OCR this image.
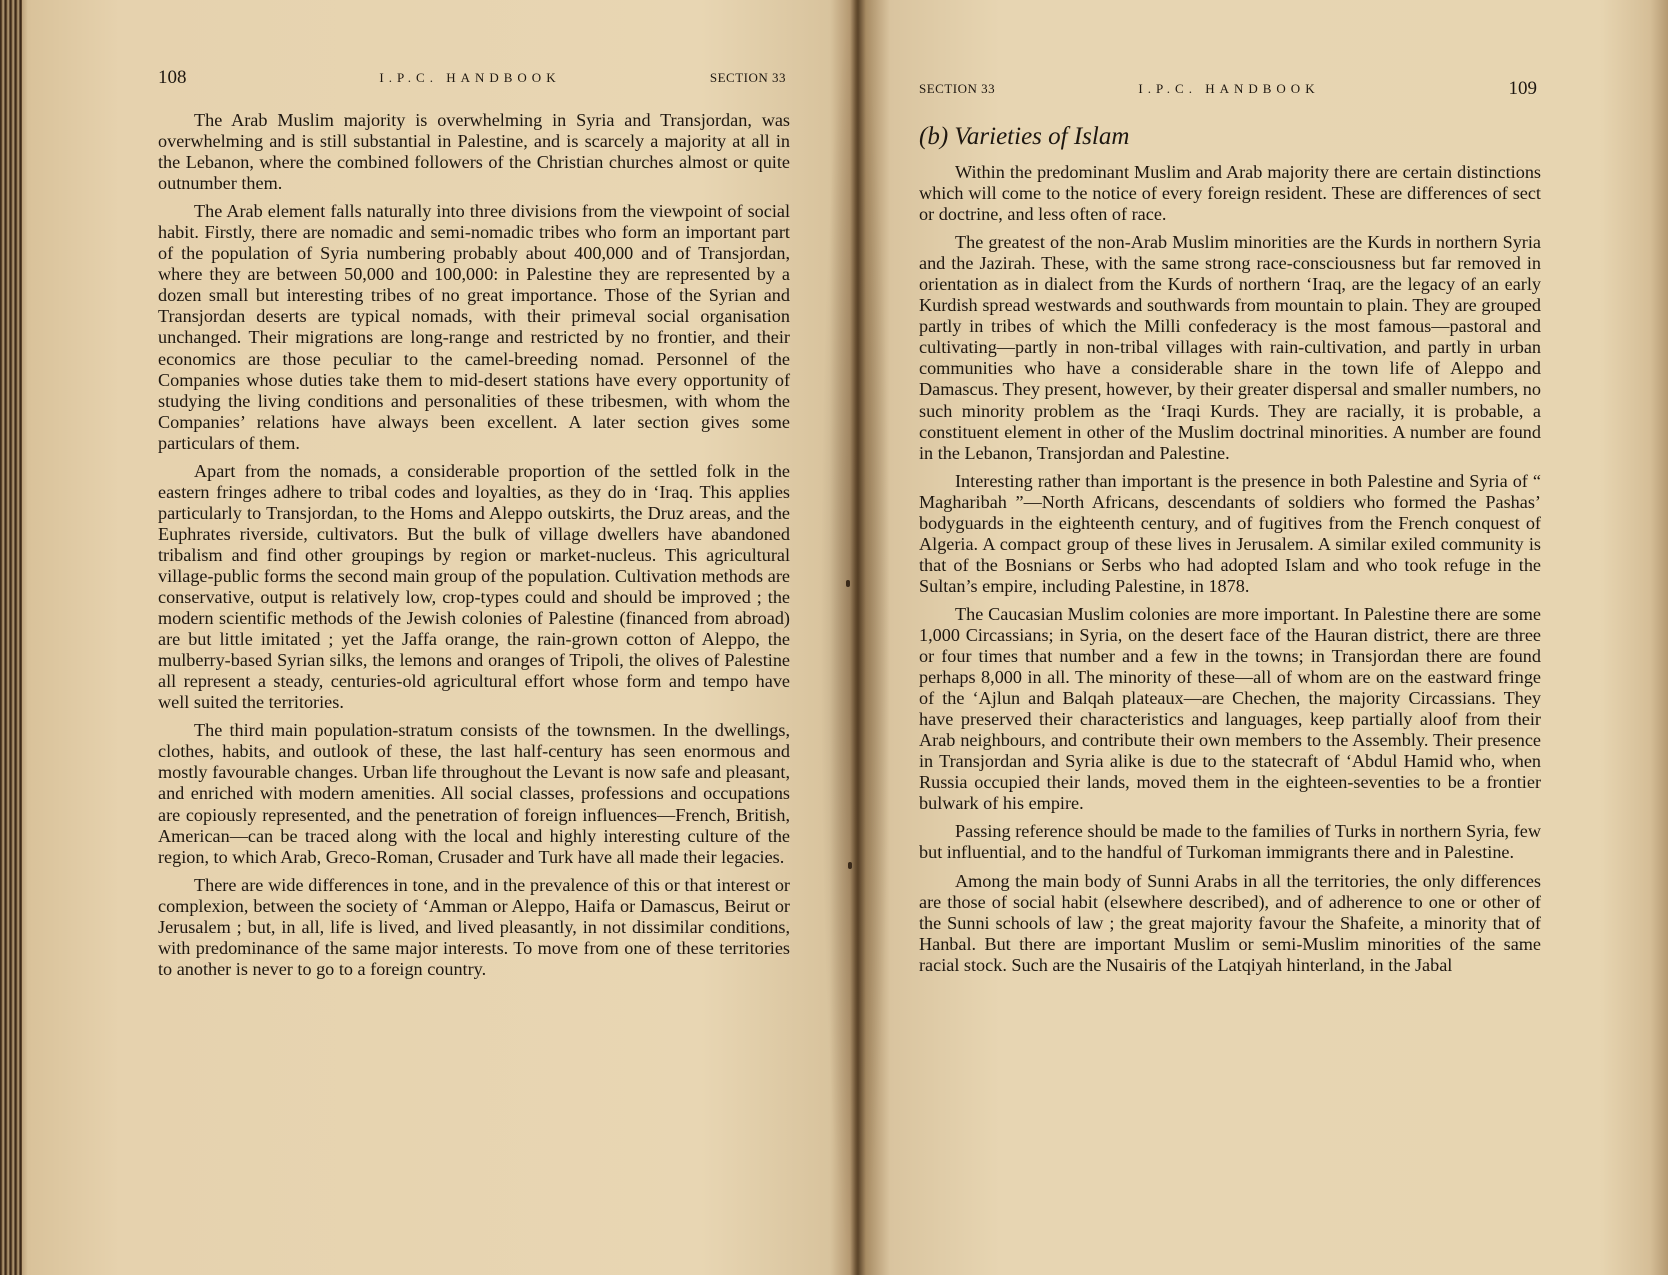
108	I.P.C. HANDBOOK	SECTION 33

The Arab Muslim majority is overwhelming in Syria and Transjordan, was overwhelming and is still substantial in Palestine, and is scarcely a majority at all in the Lebanon, where the combined followers of the Christian churches almost or quite outnumber them.

The Arab element falls naturally into three divisions from the viewpoint of social habit. Firstly, there are nomadic and semi-nomadic tribes who form an important part of the population of Syria numbering probably about 400,000 and of Transjordan, where they are between 50,000 and 100,000: in Palestine they are represented by a dozen small but interesting tribes of no great importance. Those of the Syrian and Transjordan deserts are typical nomads, with their primeval social organisation unchanged. Their migrations are long-range and restricted by no frontier, and their economics are those peculiar to the camel-breeding nomad. Personnel of the Companies whose duties take them to mid-desert stations have every opportunity of studying the living conditions and personalities of these tribesmen, with whom the Companies’ relations have always been excellent. A later section gives some particulars of them.

Apart from the nomads, a considerable proportion of the settled folk in the eastern fringes adhere to tribal codes and loyalties, as they do in ‘Iraq. This applies particularly to Transjordan, to the Homs and Aleppo outskirts, the Druz areas, and the Euphrates riverside, cultivators. But the bulk of village dwellers have abandoned tribalism and find other groupings by region or market-nucleus. This agricultural village-public forms the second main group of the population. Cultivation methods are conservative, output is relatively low, crop-types could and should be improved ; the modern scientific methods of the Jewish colonies of Palestine (financed from abroad) are but little imitated ; yet the Jaffa orange, the rain-grown cotton of Aleppo, the mulberry-based Syrian silks, the lemons and oranges of Tripoli, the olives of Palestine all represent a steady, centuries-old agricultural effort whose form and tempo have well suited the territories.

The third main population-stratum consists of the townsmen. In the dwellings, clothes, habits, and outlook of these, the last half-century has seen enormous and mostly favourable changes. Urban life throughout the Levant is now safe and pleasant, and enriched with modern amenities. All social classes, professions and occupations are copiously represented, and the penetration of foreign influences—French, British, American—can be traced along with the local and highly interesting culture of the region, to which Arab, Greco-Roman, Crusader and Turk have all made their legacies.

There are wide differences in tone, and in the prevalence of this or that interest or complexion, between the society of ‘Amman or Aleppo, Haifa or Damascus, Beirut or Jerusalem ; but, in all, life is lived, and lived pleasantly, in not dissimilar conditions, with predominance of the same major interests. To move from one of these territories to another is never to go to a foreign country.

SECTION 33	I.P.C. HANDBOOK	109
(b) Varieties of Islam

Within the predominant Muslim and Arab majority there are certain distinctions which will come to the notice of every foreign resident. These are differences of sect or doctrine, and less often of race.

The greatest of the non-Arab Muslim minorities are the Kurds in northern Syria and the Jazirah. These, with the same strong race-consciousness but far removed in orientation as in dialect from the Kurds of northern ‘Iraq, are the legacy of an early Kurdish spread westwards and southwards from mountain to plain. They are grouped partly in tribes of which the Milli confederacy is the most famous—pastoral and cultivating—partly in non-tribal villages with rain-cultivation, and partly in urban communities who have a considerable share in the town life of Aleppo and Damascus. They present, however, by their greater dispersal and smaller numbers, no such minority problem as the ‘Iraqi Kurds. They are racially, it is probable, a constituent element in other of the Muslim doctrinal minorities. A number are found in the Lebanon, Transjordan and Palestine.

Interesting rather than important is the presence in both Palestine and Syria of “ Magharibah ”—North Africans, descendants of soldiers who formed the Pashas’ bodyguards in the eighteenth century, and of fugitives from the French conquest of Algeria. A compact group of these lives in Jerusalem. A similar exiled community is that of the Bosnians or Serbs who had adopted Islam and who took refuge in the Sultan’s empire, including Palestine, in 1878.

The Caucasian Muslim colonies are more important. In Palestine there are some 1,000 Circassians; in Syria, on the desert face of the Hauran district, there are three or four times that number and a few in the towns; in Transjordan there are found perhaps 8,000 in all. The minority of these—all of whom are on the eastward fringe of the ‘Ajlun and Balqah plateaux—are Chechen, the majority Circassians. They have preserved their characteristics and languages, keep partially aloof from their Arab neighbours, and contribute their own members to the Assembly. Their presence in Transjordan and Syria alike is due to the statecraft of ‘Abdul Hamid who, when Russia occupied their lands, moved them in the eighteen-seventies to be a frontier bulwark of his empire.

Passing reference should be made to the families of Turks in northern Syria, few but influential, and to the handful of Turkoman immigrants there and in Palestine.

Among the main body of Sunni Arabs in all the territories, the only differences are those of social habit (elsewhere described), and of adherence to one or other of the Sunni schools of law ; the great majority favour the Shafeite, a minority that of Hanbal. But there are important Muslim or semi-Muslim minorities of the same racial stock. Such are the Nusairis of the Latqiyah hinterland, in the Jabal
